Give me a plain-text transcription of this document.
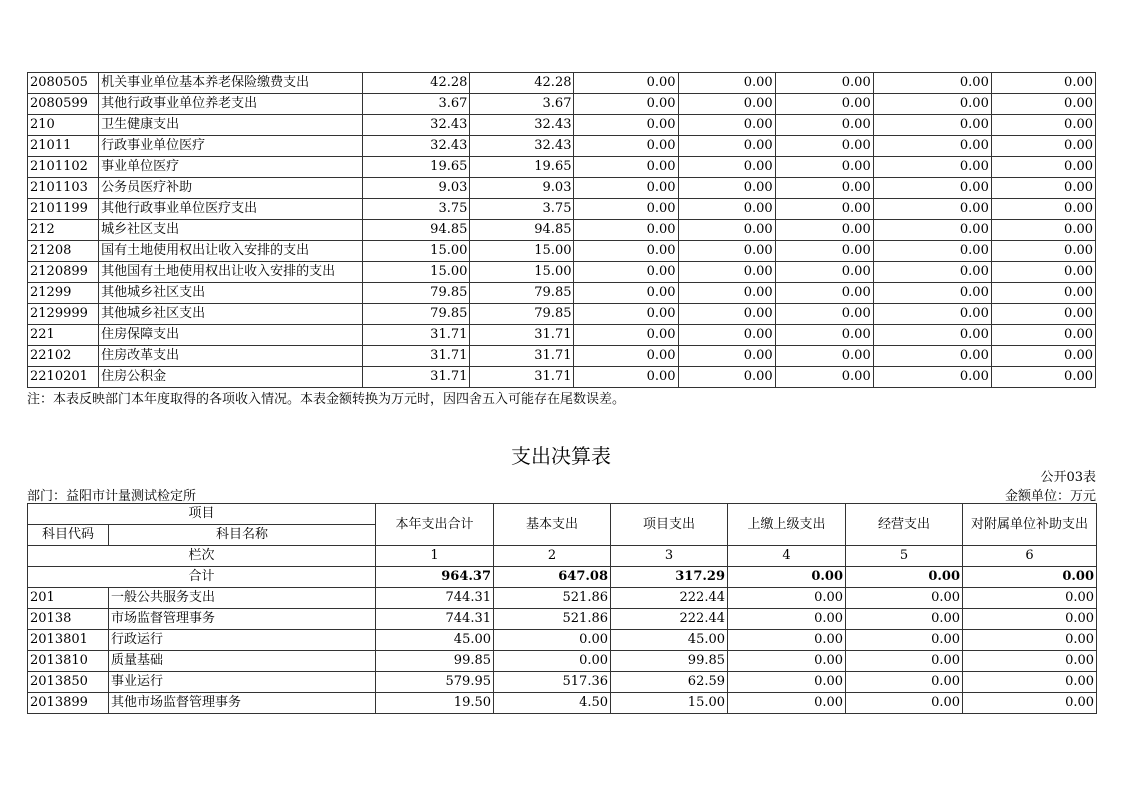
2080505	机关事业单位基本养老保险缴费支出	42.28	42.28	0.00	0.00	0.00	0.00	0.00
2080599	其他行政事业单位养老支出	3.67	3.67	0.00	0.00	0.00	0.00	0.00
210	卫生健康支出	32.43	32.43	0.00	0.00	0.00	0.00	0.00
21011	行政事业单位医疗	32.43	32.43	0.00	0.00	0.00	0.00	0.00
2101102	事业单位医疗	19.65	19.65	0.00	0.00	0.00	0.00	0.00
2101103	公务员医疗补助	9.03	9.03	0.00	0.00	0.00	0.00	0.00
2101199	其他行政事业单位医疗支出	3.75	3.75	0.00	0.00	0.00	0.00	0.00
212	城乡社区支出	94.85	94.85	0.00	0.00	0.00	0.00	0.00
21208	国有土地使用权出让收入安排的支出	15.00	15.00	0.00	0.00	0.00	0.00	0.00
2120899	其他国有土地使用权出让收入安排的支出	15.00	15.00	0.00	0.00	0.00	0.00	0.00
21299	其他城乡社区支出	79.85	79.85	0.00	0.00	0.00	0.00	0.00
2129999	其他城乡社区支出	79.85	79.85	0.00	0.00	0.00	0.00	0.00
221	住房保障支出	31.71	31.71	0.00	0.00	0.00	0.00	0.00
22102	住房改革支出	31.71	31.71	0.00	0.00	0.00	0.00	0.00
2210201	住房公积金	31.71	31.71	0.00	0.00	0.00	0.00	0.00
注：本表反映部门本年度取得的各项收入情况。本表金额转换为万元时，因四舍五入可能存在尾数误差。
支出决算表
公开03表
部门：益阳市计量测试检定所	金额单位：万元
项目		本年支出合计	基本支出	项目支出	上缴上级支出	经营支出	对附属单位补助支出
科目代码	科目名称						
栏次		1	2	3	4	5	6
合计		964.37	647.08	317.29	0.00	0.00	0.00
201	一般公共服务支出	744.31	521.86	222.44	0.00	0.00	0.00
20138	市场监督管理事务	744.31	521.86	222.44	0.00	0.00	0.00
2013801	行政运行	45.00	0.00	45.00	0.00	0.00	0.00
2013810	质量基础	99.85	0.00	99.85	0.00	0.00	0.00
2013850	事业运行	579.95	517.36	62.59	0.00	0.00	0.00
2013899	其他市场监督管理事务	19.50	4.50	15.00	0.00	0.00	0.00
